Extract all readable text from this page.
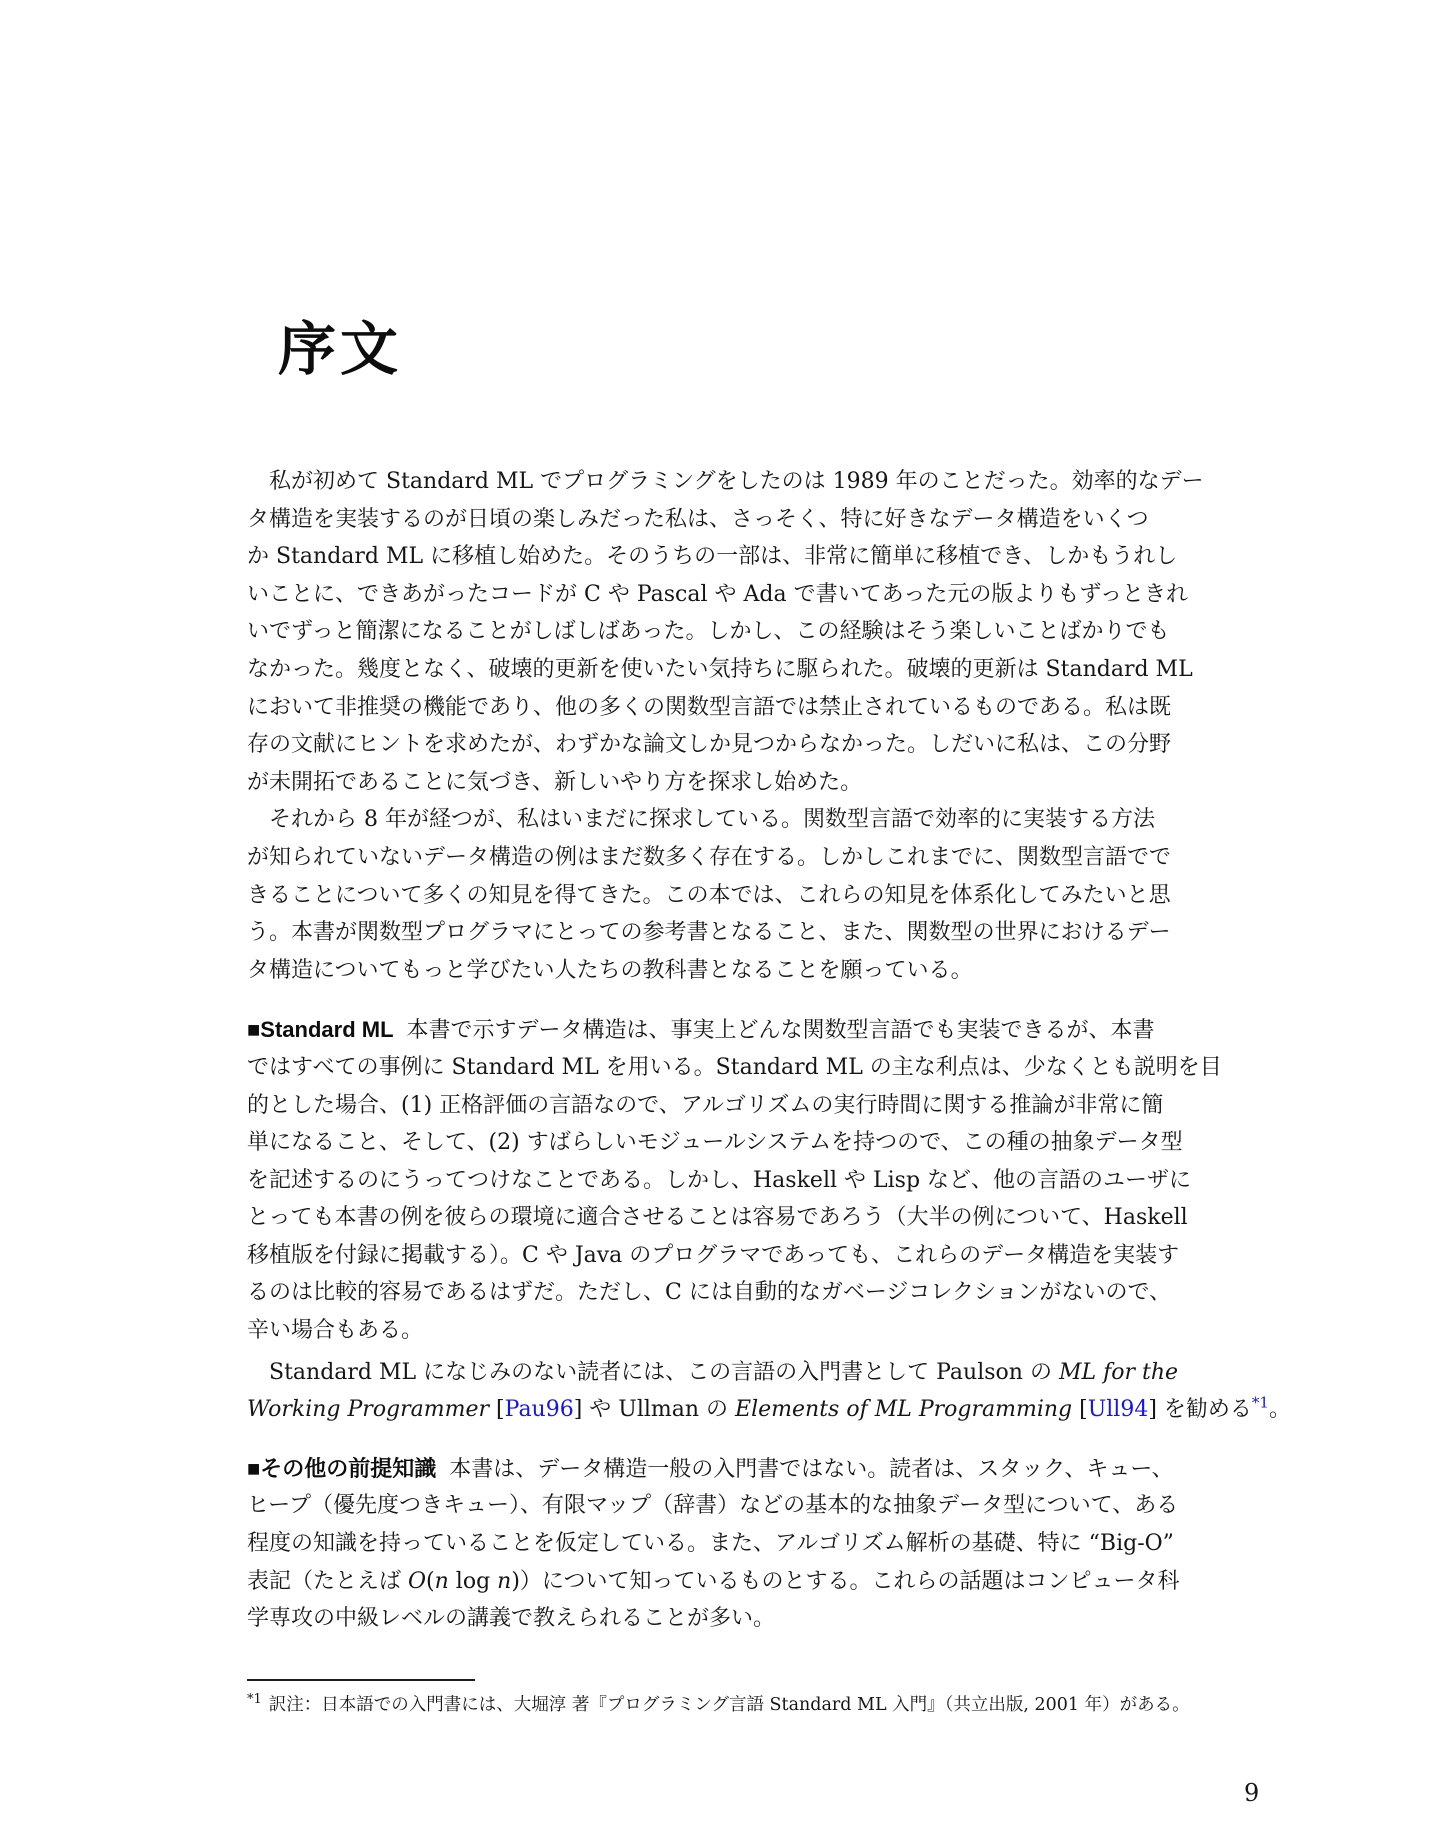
序文
私が初めて Standard ML でプログラミングをしたのは 1989 年のことだった。効率的なデー
タ構造を実装するのが日頃の楽しみだった私は、さっそく、特に好きなデータ構造をいくつ
か Standard ML に移植し始めた。そのうちの一部は、非常に簡単に移植でき、しかもうれし
いことに、できあがったコードが C や Pascal や Ada で書いてあった元の版よりもずっときれ
いでずっと簡潔になることがしばしばあった。しかし、この経験はそう楽しいことばかりでも
なかった。幾度となく、破壊的更新を使いたい気持ちに駆られた。破壊的更新は Standard ML
において非推奨の機能であり、他の多くの関数型言語では禁止されているものである。私は既
存の文献にヒントを求めたが、わずかな論文しか見つからなかった。しだいに私は、この分野
が未開拓であることに気づき、新しいやり方を探求し始めた。
それから 8 年が経つが、私はいまだに探求している。関数型言語で効率的に実装する方法
が知られていないデータ構造の例はまだ数多く存在する。しかしこれまでに、関数型言語でで
きることについて多くの知見を得てきた。この本では、これらの知見を体系化してみたいと思
う。本書が関数型プログラマにとっての参考書となること、また、関数型の世界におけるデー
タ構造についてもっと学びたい人たちの教科書となることを願っている。
■Standard ML 本書で示すデータ構造は、事実上どんな関数型言語でも実装できるが、本書
ではすべての事例に Standard ML を用いる。Standard ML の主な利点は、少なくとも説明を目
的とした場合、(1) 正格評価の言語なので、アルゴリズムの実行時間に関する推論が非常に簡
単になること、そして、(2) すばらしいモジュールシステムを持つので、この種の抽象データ型
を記述するのにうってつけなことである。しかし、Haskell や Lisp など、他の言語のユーザに
とっても本書の例を彼らの環境に適合させることは容易であろう（大半の例について、Haskell
移植版を付録に掲載する）。C や Java のプログラマであっても、これらのデータ構造を実装す
るのは比較的容易であるはずだ。ただし、C には自動的なガベージコレクションがないので、
辛い場合もある。
Standard ML になじみのない読者には、この言語の入門書として Paulson の ML for the
Working Programmer [Pau96] や Ullman の Elements of ML Programming [Ull94] を勧める$^{*1}$。
■その他の前提知識 本書は、データ構造一般の入門書ではない。読者は、スタック、キュー、
ヒープ（優先度つきキュー）、有限マップ（辞書）などの基本的な抽象データ型について、ある
程度の知識を持っていることを仮定している。また、アルゴリズム解析の基礎、特に “Big-O”
表記（たとえば O(n log n)）について知っているものとする。これらの話題はコンピュータ科
学専攻の中級レベルの講義で教えられることが多い。
$^{*1}$ 訳注：日本語での入門書には、大堀淳 著『プログラミング言語 Standard ML 入門』（共立出版, 2001 年）がある。
9
